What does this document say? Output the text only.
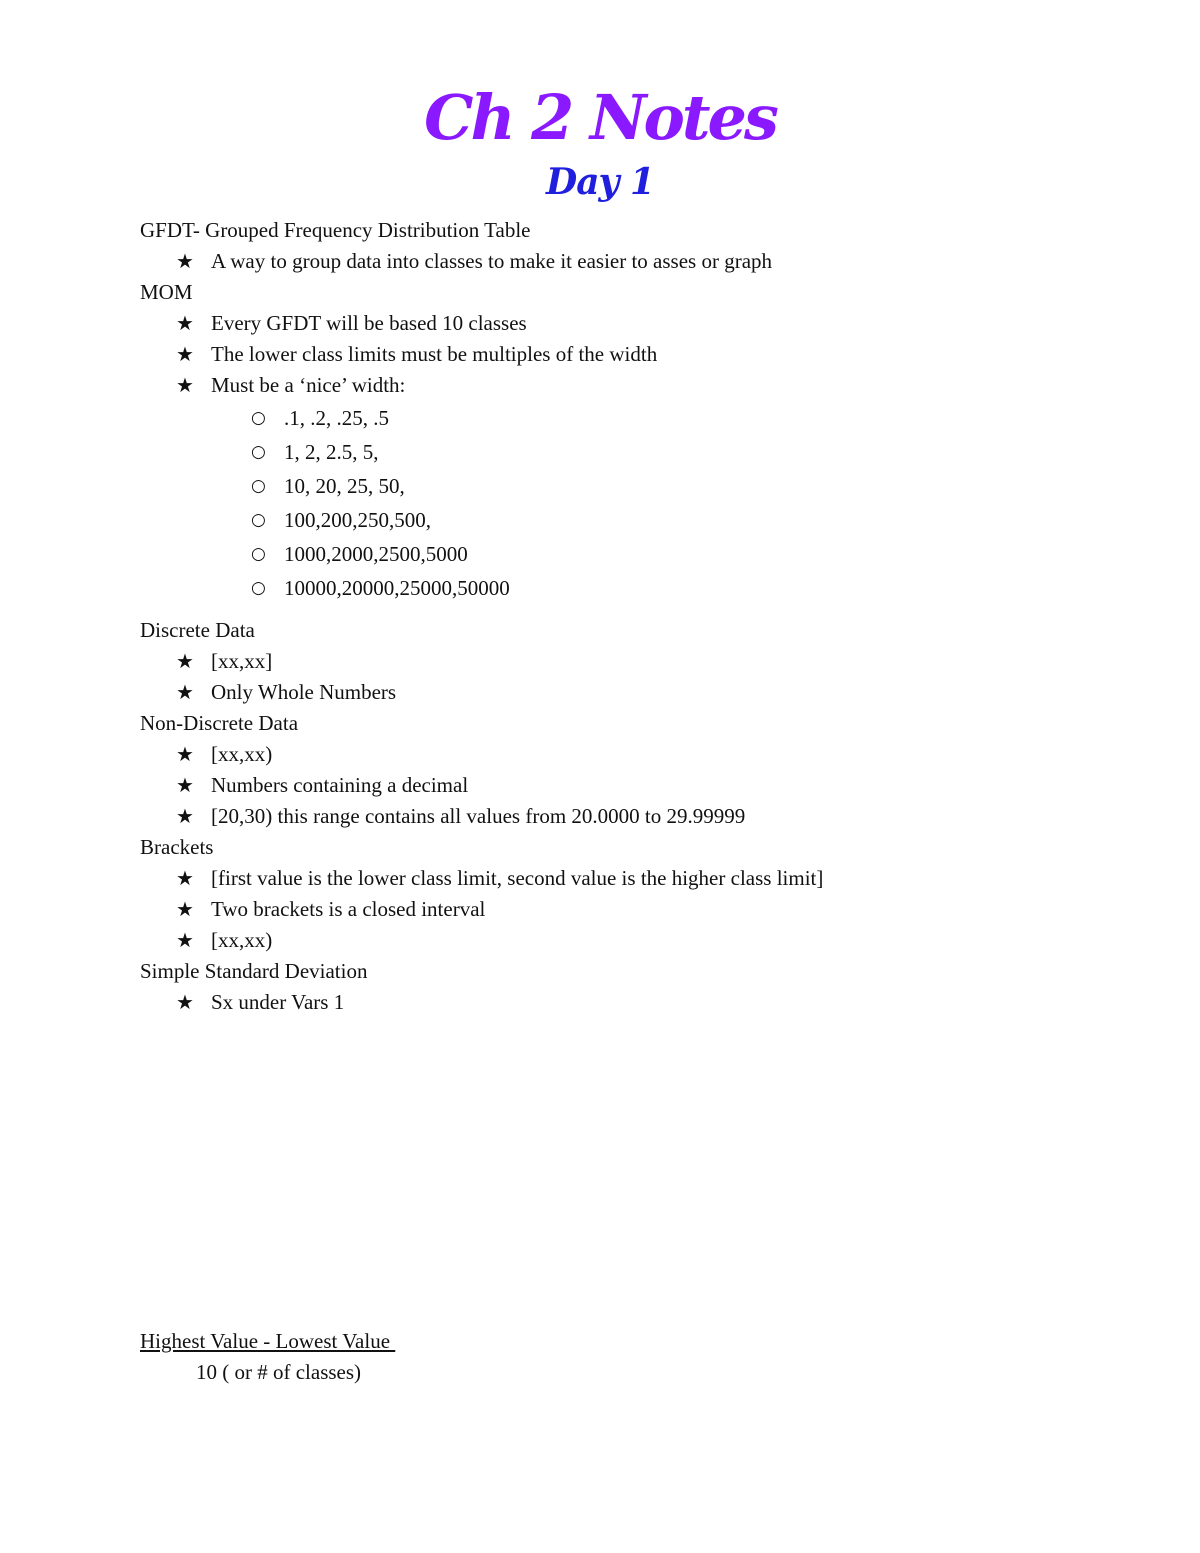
Ch 2 Notes
Day 1
GFDT- Grouped Frequency Distribution Table
★ A way to group data into classes to make it easier to asses or graph
MOM
★ Every GFDT will be based 10 classes
★ The lower class limits must be multiples of the width
★ Must be a ‘nice’ width:
○ .1, .2, .25, .5
○ 1, 2, 2.5, 5,
○ 10, 20, 25, 50,
○ 100,200,250,500,
○ 1000,2000,2500,5000
○ 10000,20000,25000,50000
Discrete Data
★ [xx,xx]
★ Only Whole Numbers
Non-Discrete Data
★ [xx,xx)
★ Numbers containing a decimal
★ [20,30) this range contains all values from 20.0000 to 29.99999
Brackets
★ [first value is the lower class limit, second value is the higher class limit]
★ Two brackets is a closed interval
★ [xx,xx)
Simple Standard Deviation
★ Sx under Vars 1
Highest Value - Lowest Value
10 ( or # of classes)
